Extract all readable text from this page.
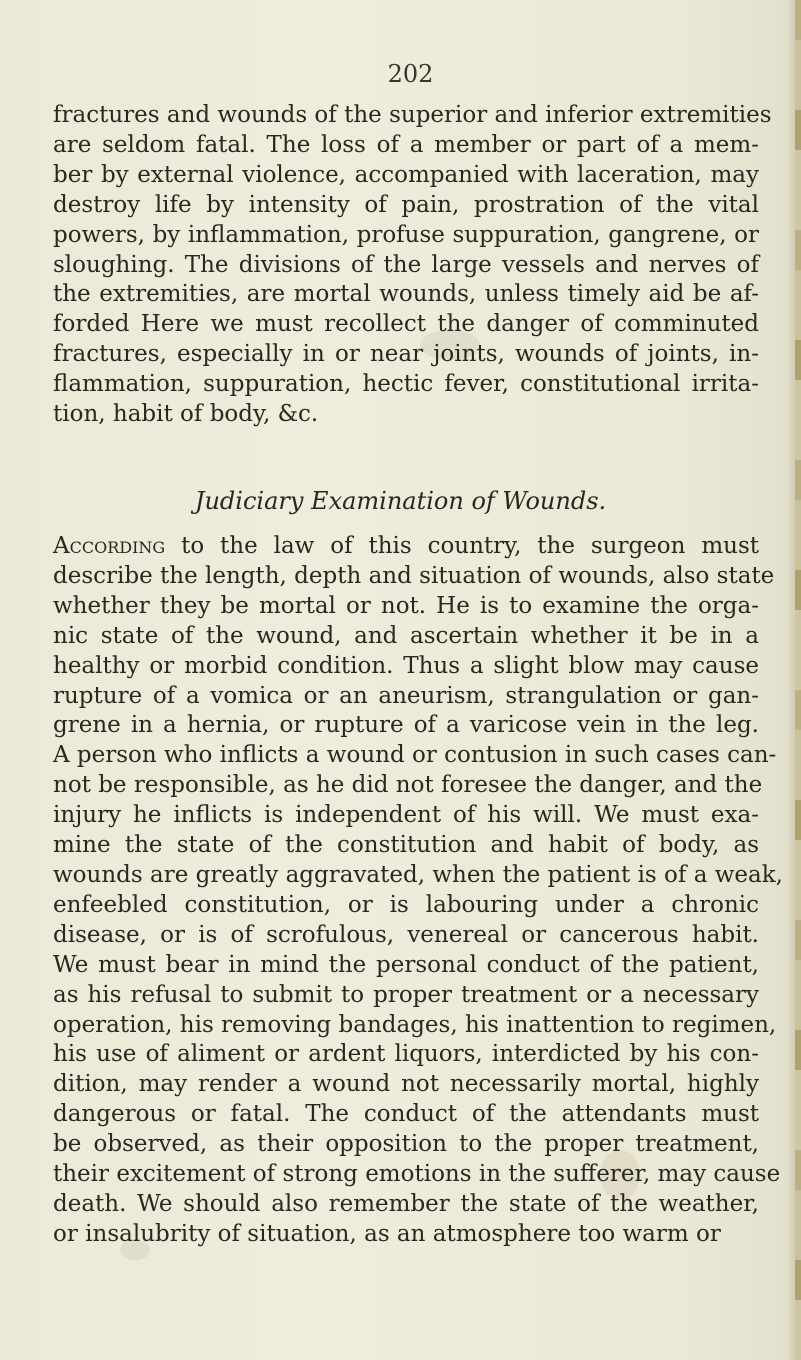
202
fractures and wounds of the superior and inferior extremities
are seldom fatal. The loss of a member or part of a mem-
ber by external violence, accompanied with laceration, may
destroy life by intensity of pain, prostration of the vital
powers, by inflammation, profuse suppuration, gangrene, or
sloughing. The divisions of the large vessels and nerves of
the extremities, are mortal wounds, unless timely aid be af-
forded Here we must recollect the danger of comminuted
fractures, especially in or near joints, wounds of joints, in-
flammation, suppuration, hectic fever, constitutional irrita-
tion, habit of body, &c.
Judiciary Examination of Wounds.
According to the law of this country, the surgeon must
describe the length, depth and situation of wounds, also state
whether they be mortal or not. He is to examine the orga-
nic state of the wound, and ascertain whether it be in a
healthy or morbid condition. Thus a slight blow may cause
rupture of a vomica or an aneurism, strangulation or gan-
grene in a hernia, or rupture of a varicose vein in the leg.
A person who inflicts a wound or contusion in such cases can-
not be responsible, as he did not foresee the danger, and the
injury he inflicts is independent of his will. We must exa-
mine the state of the constitution and habit of body, as
wounds are greatly aggravated, when the patient is of a weak,
enfeebled constitution, or is labouring under a chronic
disease, or is of scrofulous, venereal or cancerous habit.
We must bear in mind the personal conduct of the patient,
as his refusal to submit to proper treatment or a necessary
operation, his removing bandages, his inattention to regimen,
his use of aliment or ardent liquors, interdicted by his con-
dition, may render a wound not necessarily mortal, highly
dangerous or fatal. The conduct of the attendants must
be observed, as their opposition to the proper treatment,
their excitement of strong emotions in the sufferer, may cause
death. We should also remember the state of the weather,
or insalubrity of situation, as an atmosphere too warm or
